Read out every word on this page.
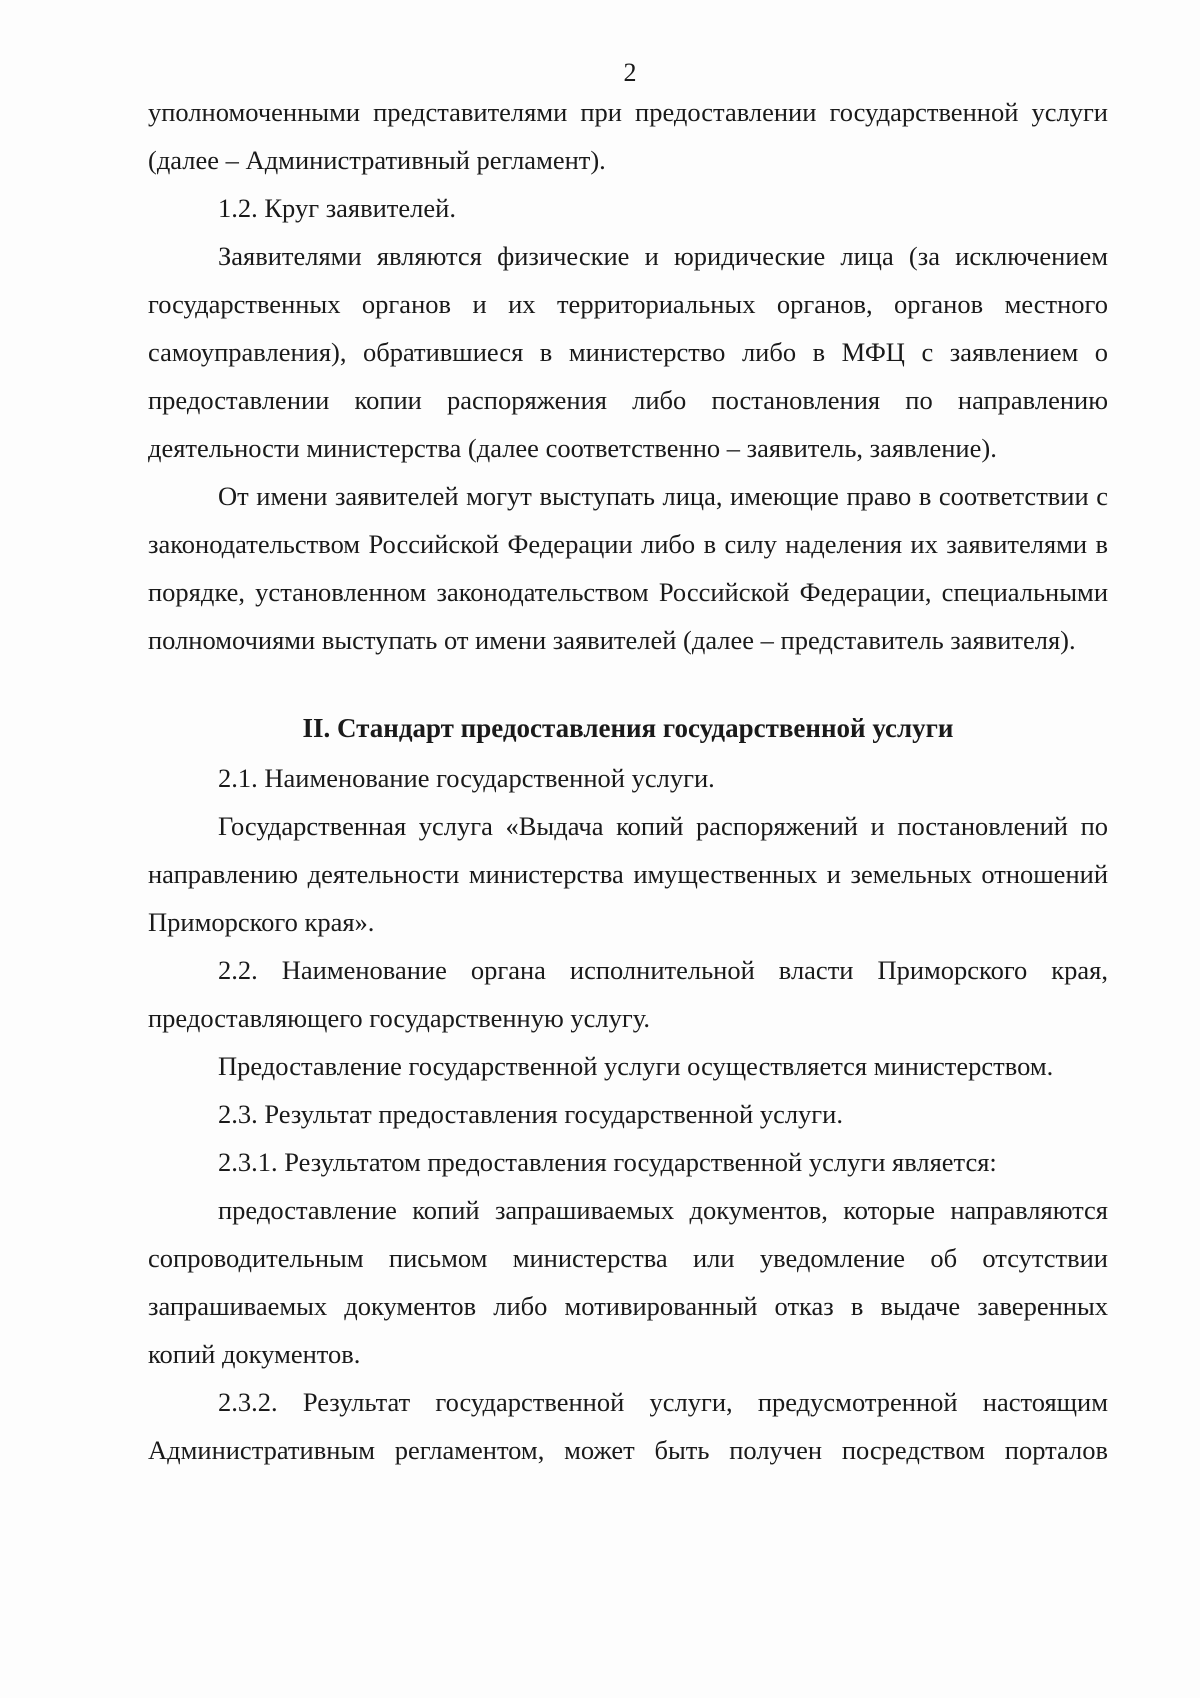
2

уполномоченными представителями при предоставлении государственной услуги (далее – Административный регламент).

1.2. Круг заявителей.

Заявителями являются физические и юридические лица (за исключением государственных органов и их территориальных органов, органов местного самоуправления), обратившиеся в министерство либо в МФЦ с заявлением о предоставлении копии распоряжения либо постановления по направлению деятельности министерства (далее соответственно – заявитель, заявление).

От имени заявителей могут выступать лица, имеющие право в соответствии с законодательством Российской Федерации либо в силу наделения их заявителями в порядке, установленном законодательством Российской Федерации, специальными полномочиями выступать от имени заявителей (далее – представитель заявителя).

II. Стандарт предоставления государственной услуги

2.1. Наименование государственной услуги.

Государственная услуга «Выдача копий распоряжений и постановлений по направлению деятельности министерства имущественных и земельных отношений Приморского края».

2.2. Наименование органа исполнительной власти Приморского края, предоставляющего государственную услугу.

Предоставление государственной услуги осуществляется министерством.

2.3. Результат предоставления государственной услуги.

2.3.1. Результатом предоставления государственной услуги является:

предоставление копий запрашиваемых документов, которые направляются сопроводительным письмом министерства или уведомление об отсутствии запрашиваемых документов либо мотивированный отказ в выдаче заверенных копий документов.

2.3.2. Результат государственной услуги, предусмотренной настоящим Административным регламентом, может быть получен посредством порталов
